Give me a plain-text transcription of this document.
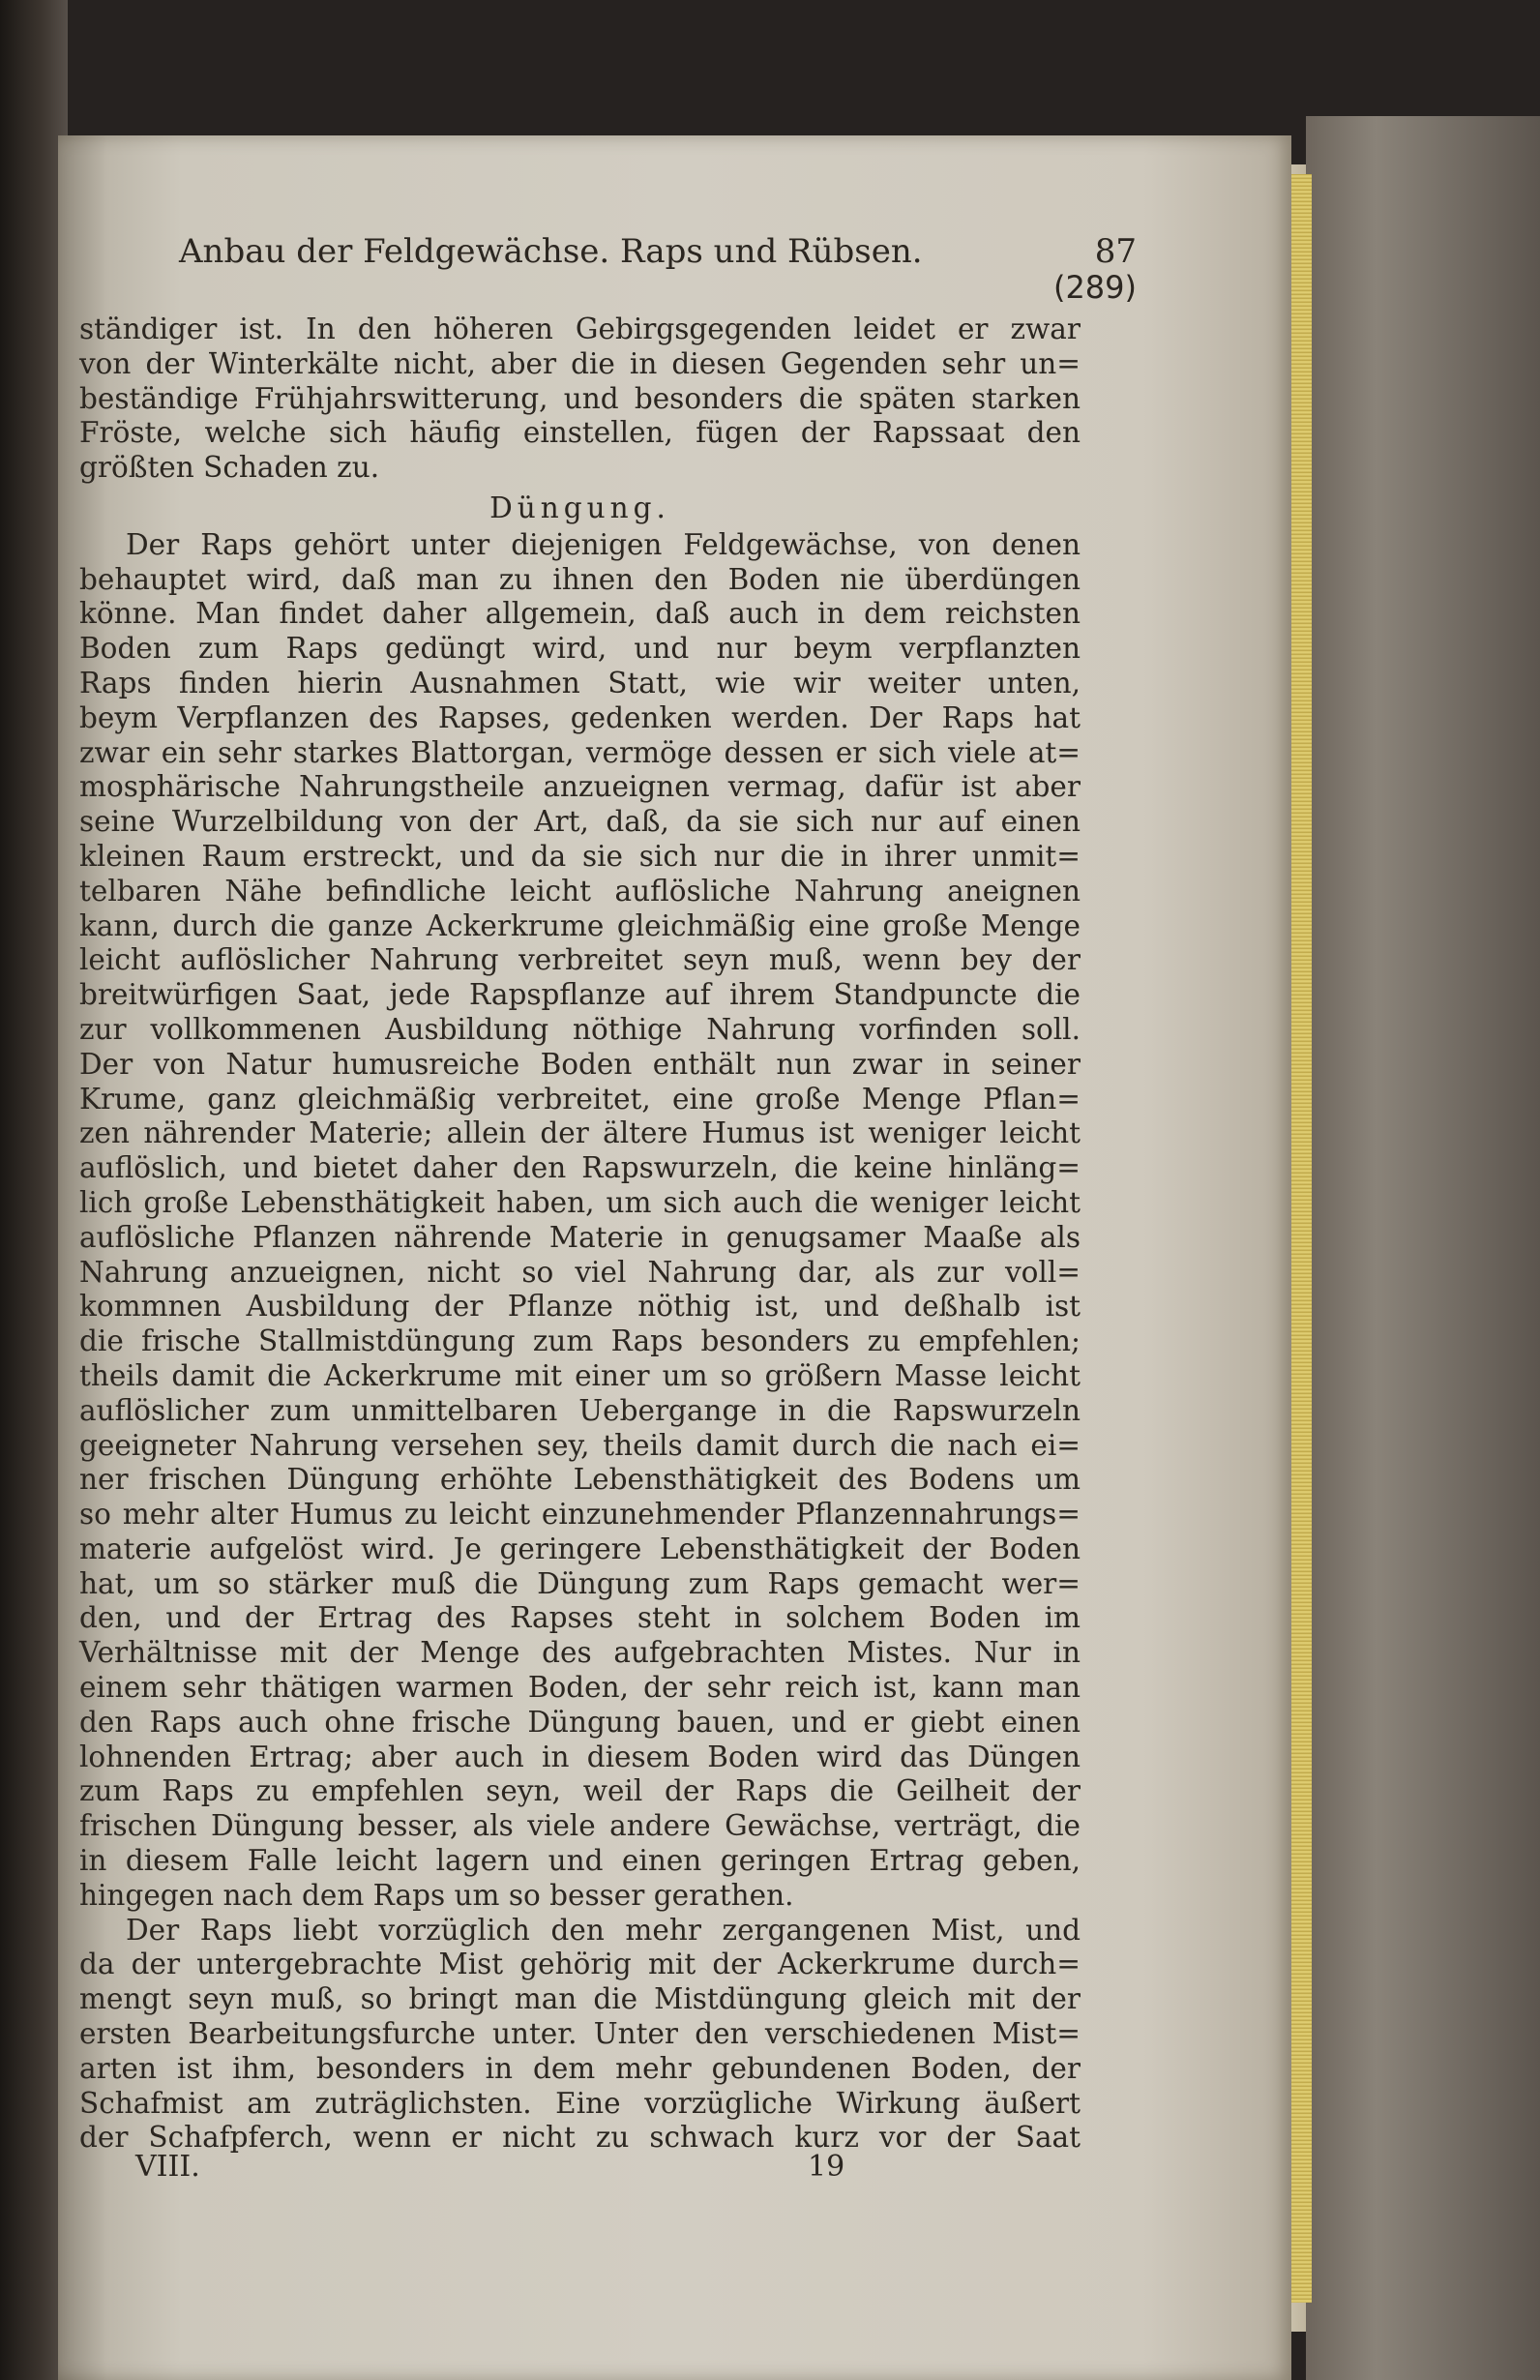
Anbau der Feldgewächse. Raps und Rübsen.	87
(289)
ständiger ist. In den höheren Gebirgsgegenden leidet er zwar
von der Winterkälte nicht, aber die in diesen Gegenden sehr un=
beständige Frühjahrswitterung, und besonders die späten starken
Fröste, welche sich häufig einstellen, fügen der Rapssaat den
größten Schaden zu.
Düngung.
Der Raps gehört unter diejenigen Feldgewächse, von denen
behauptet wird, daß man zu ihnen den Boden nie überdüngen
könne. Man findet daher allgemein, daß auch in dem reichsten
Boden zum Raps gedüngt wird, und nur beym verpflanzten
Raps finden hierin Ausnahmen Statt, wie wir weiter unten,
beym Verpflanzen des Rapses, gedenken werden. Der Raps hat
zwar ein sehr starkes Blattorgan, vermöge dessen er sich viele at=
mosphärische Nahrungstheile anzueignen vermag, dafür ist aber
seine Wurzelbildung von der Art, daß, da sie sich nur auf einen
kleinen Raum erstreckt, und da sie sich nur die in ihrer unmit=
telbaren Nähe befindliche leicht auflösliche Nahrung aneignen
kann, durch die ganze Ackerkrume gleichmäßig eine große Menge
leicht auflöslicher Nahrung verbreitet seyn muß, wenn bey der
breitwürfigen Saat, jede Rapspflanze auf ihrem Standpuncte die
zur vollkommenen Ausbildung nöthige Nahrung vorfinden soll.
Der von Natur humusreiche Boden enthält nun zwar in seiner
Krume, ganz gleichmäßig verbreitet, eine große Menge Pflan=
zen nährender Materie; allein der ältere Humus ist weniger leicht
auflöslich, und bietet daher den Rapswurzeln, die keine hinläng=
lich große Lebensthätigkeit haben, um sich auch die weniger leicht
auflösliche Pflanzen nährende Materie in genugsamer Maaße als
Nahrung anzueignen, nicht so viel Nahrung dar, als zur voll=
kommnen Ausbildung der Pflanze nöthig ist, und deßhalb ist
die frische Stallmistdüngung zum Raps besonders zu empfehlen;
theils damit die Ackerkrume mit einer um so größern Masse leicht
auflöslicher zum unmittelbaren Uebergange in die Rapswurzeln
geeigneter Nahrung versehen sey, theils damit durch die nach ei=
ner frischen Düngung erhöhte Lebensthätigkeit des Bodens um
so mehr alter Humus zu leicht einzunehmender Pflanzennahrungs=
materie aufgelöst wird. Je geringere Lebensthätigkeit der Boden
hat, um so stärker muß die Düngung zum Raps gemacht wer=
den, und der Ertrag des Rapses steht in solchem Boden im
Verhältnisse mit der Menge des aufgebrachten Mistes. Nur in
einem sehr thätigen warmen Boden, der sehr reich ist, kann man
den Raps auch ohne frische Düngung bauen, und er giebt einen
lohnenden Ertrag; aber auch in diesem Boden wird das Düngen
zum Raps zu empfehlen seyn, weil der Raps die Geilheit der
frischen Düngung besser, als viele andere Gewächse, verträgt, die
in diesem Falle leicht lagern und einen geringen Ertrag geben,
hingegen nach dem Raps um so besser gerathen.
Der Raps liebt vorzüglich den mehr zergangenen Mist, und
da der untergebrachte Mist gehörig mit der Ackerkrume durch=
mengt seyn muß, so bringt man die Mistdüngung gleich mit der
ersten Bearbeitungsfurche unter. Unter den verschiedenen Mist=
arten ist ihm, besonders in dem mehr gebundenen Boden, der
Schafmist am zuträglichsten. Eine vorzügliche Wirkung äußert
der Schafpferch, wenn er nicht zu schwach kurz vor der Saat
VIII.	19
